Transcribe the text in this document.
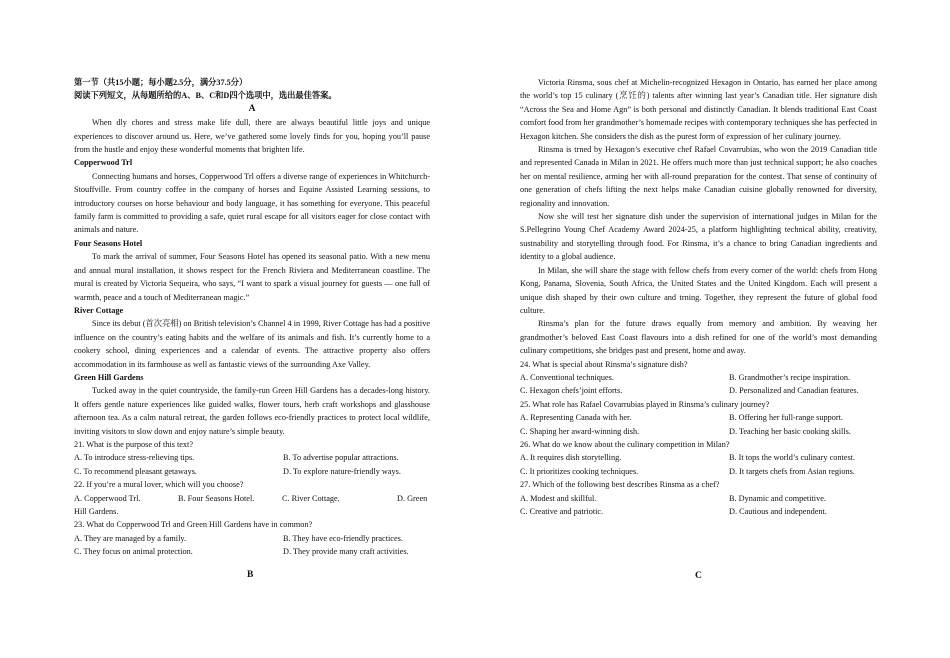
第一节（共15小题；每小题2.5分，满分37.5分）

阅读下列短文，从每题所给的A、B、C和D四个选项中，选出最佳答案。

A

When dly chores and stress make life dull, there are always beautiful little joys and unique experiences to discover around us. Here, we’ve gathered some lovely finds for you, hoping you’ll pause from the hustle and enjoy these wonderful moments that brighten life.

Copperwood Trl

Connecting humans and horses, Copperwood Trl offers a diverse range of experiences in Whitchurch-Stouffville. From country coffee in the company of horses and Equine Assisted Learning sessions, to introductory courses on horse behaviour and body language, it has something for everyone. This peaceful family farm is committed to providing a safe, quiet rural escape for all visitors eager for close contact with animals and nature.

Four Seasons Hotel

To mark the arrival of summer, Four Seasons Hotel has opened its seasonal patio. With a new menu and annual mural installation, it shows respect for the French Riviera and Mediterranean coastline. The mural is created by Victoria Sequeira, who says, “I want to spark a visual journey for guests — one full of warmth, peace and a touch of Mediterranean magic.”

River Cottage

Since its debut (首次亮相) on British television’s Channel 4 in 1999, River Cottage has had a positive influence on the country’s eating habits and the welfare of its animals and fish. It’s currently home to a cookery school, dining experiences and a calendar of events. The attractive property also offers accommodation in its farmhouse as well as fantastic views of the surrounding Axe Valley.

Green Hill Gardens

Tucked away in the quiet countryside, the family-run Green Hill Gardens has a decades-long history. It offers gentle nature experiences like guided walks, flower tours, herb craft workshops and glasshouse afternoon tea. As a calm natural retreat, the garden follows eco-friendly practices to protect local wildlife, inviting visitors to slow down and enjoy nature’s simple beauty.

21. What is the purpose of this text?

A. To introduce stress-relieving tips.	B. To advertise popular attractions.
C. To recommend pleasant getaways.	D. To explore nature-friendly ways.

22. If you’re a mural lover, which will you choose?

A. Copperwood Trl.	B. Four Seasons Hotel.	C. River Cottage.	D. Green

Hill Gardens.

23. What do Copperwood Trl and Green Hill Gardens have in common?

A. They are managed by a family.	B. They have eco-friendly practices.
C. They focus on animal protection.	D. They provide many craft activities.
B

Victoria Rinsma, sous chef at Michelin-recognized Hexagon in Ontario, has earned her place among the world’s top 15 culinary (烹饪的) talents after winning last year’s Canadian title. Her signature dish “Across the Sea and Home Agn” is both personal and distinctly Canadian. It blends traditional East Coast comfort food from her grandmother’s homemade recipes with contemporary techniques she has perfected in Hexagon kitchen. She considers the dish as the purest form of expression of her culinary journey.

Rinsma is trned by Hexagon’s executive chef Rafael Covarrubias, who won the 2019 Canadian title and represented Canada in Milan in 2021. He offers much more than just technical support; he also coaches her on mental resilience, arming her with all-round preparation for the contest. That sense of continuity of one generation of chefs lifting the next helps make Canadian cuisine globally renowned for diversity, regionality and innovation.

Now she will test her signature dish under the supervision of international judges in Milan for the S.Pellegrino Young Chef Academy Award 2024-25, a platform highlighting technical ability, creativity, sustnability and storytelling through food. For Rinsma, it’s a chance to bring Canadian ingredients and identity to a global audience.

In Milan, she will share the stage with fellow chefs from every corner of the world: chefs from Hong Kong, Panama, Slovenia, South Africa, the United States and the United Kingdom. Each will present a unique dish shaped by their own culture and trning. Together, they represent the future of global food culture.

Rinsma’s plan for the future draws equally from memory and ambition. By weaving her grandmother’s beloved East Coast flavours into a dish refined for one of the world’s most demanding culinary competitions, she bridges past and present, home and away.

24. What is special about Rinsma’s signature dish?

A. Conventional techniques.	B. Grandmother’s recipe inspiration.
C. Hexagon chefs’joint efforts.	D. Personalized and Canadian features.

25. What role has Rafael Covarrubias played in Rinsma’s culinary journey?

A. Representing Canada with her.	B. Offering her full-range support.
C. Shaping her award-winning dish.	D. Teaching her basic cooking skills.

26. What do we know about the culinary competition in Milan?

A. It requires dish storytelling.	B. It tops the world’s culinary contest.
C. It prioritizes cooking techniques.	D. It targets chefs from Asian regions.

27. Which of the following best describes Rinsma as a chef?

A. Modest and skillful.	B. Dynamic and competitive.
C. Creative and patriotic.	D. Cautious and independent.
C
